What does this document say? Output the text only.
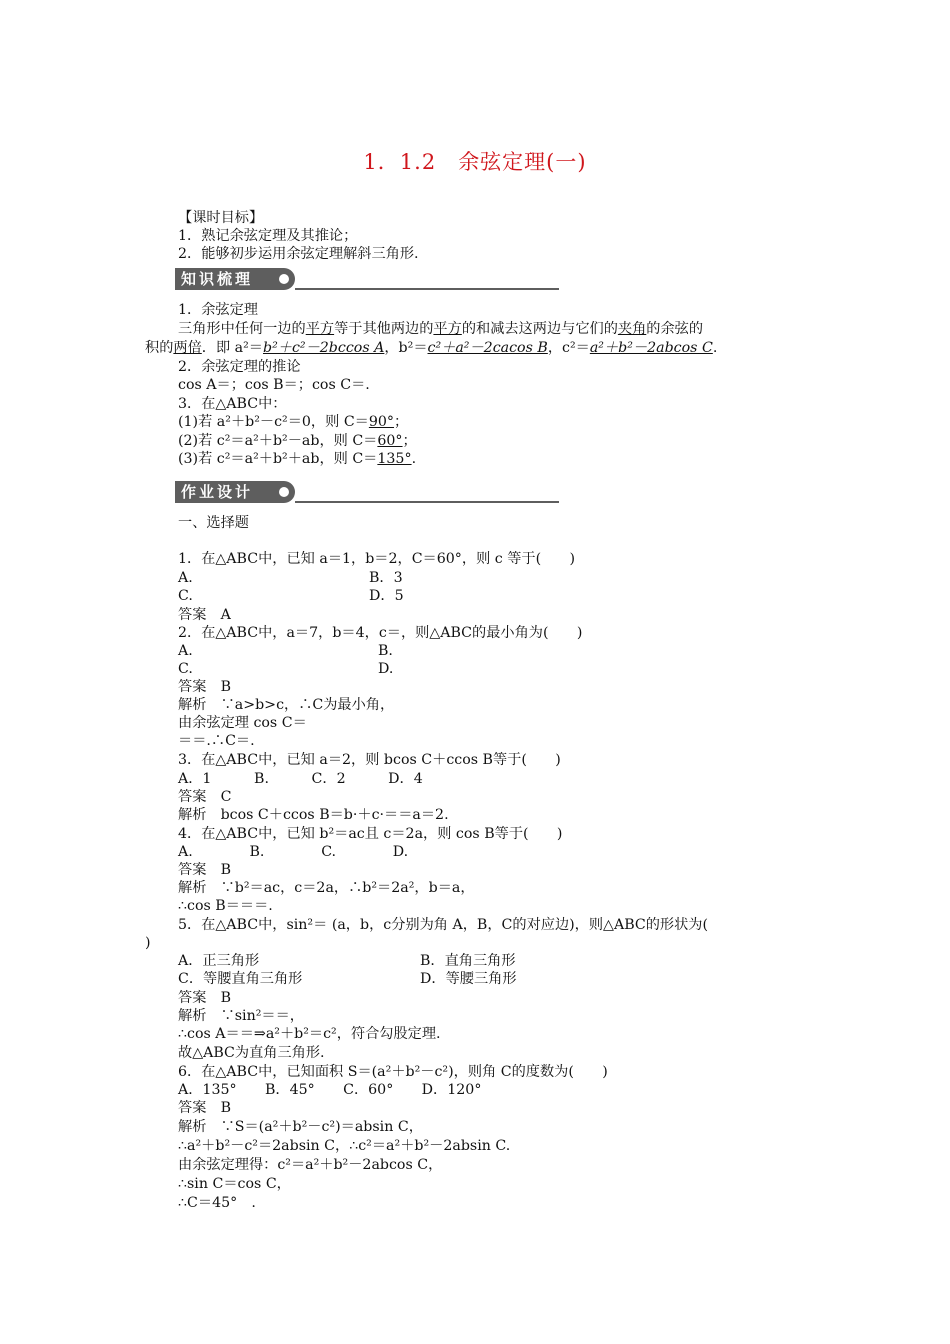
1．1.2 余弦定理(一)
【课时目标】
1．熟记余弦定理及其推论；
2．能够初步运用余弦定理解斜三角形.
知识梳理
1．余弦定理
三角形中任何一边的平方等于其他两边的平方的和减去这两边与它们的夹角的余弦的
积的两倍．即 a²＝b²＋c²－2bccos A，b²＝c²＋a²－2cacos B，c²＝a²＋b²－2abcos C.
2．余弦定理的推论
cos A＝；cos B＝；cos C＝.
3．在△ABC中：
(1)若 a²＋b²－c²＝0，则 C＝90°；
(2)若 c²＝a²＋b²－ab，则 C＝60°；
(3)若 c²＝a²＋b²＋ab，则 C＝135°.
作业设计
一、选择题
1．在△ABC中，已知 a＝1，b＝2，C＝60°，则 c 等于(　　)
A.	B．3
C.	D．5
答案　A
2．在△ABC中，a＝7，b＝4，c＝，则△ABC的最小角为(　　)
A.	B.
C.	D.
答案　B
解析　∵a>b>c，∴C为最小角，
由余弦定理 cos C＝
＝＝.∴C＝.
3．在△ABC中，已知 a＝2，则 bcos C＋ccos B等于(　　)
A．1　　　B.　　　C．2　　　D．4
答案　C
解析　bcos C＋ccos B＝b·＋c·＝＝a＝2.
4．在△ABC中，已知 b²＝ac且 c＝2a，则 cos B等于(　　)
A.　　　　B.　　　　C.　　　　D.
答案　B
解析　∵b²＝ac，c＝2a，∴b²＝2a²，b＝a，
∴cos B＝＝＝.
5．在△ABC中，sin²＝ (a，b，c分别为角 A，B，C的对应边)，则△ABC的形状为(
)
A．正三角形	B．直角三角形
C．等腰直角三角形	D．等腰三角形
答案　B
解析　∵sin²＝＝，
∴cos A＝＝⇒a²＋b²＝c²，符合勾股定理.
故△ABC为直角三角形.
6．在△ABC中，已知面积 S＝(a²＋b²－c²)，则角 C的度数为(　　)
A．135°　　B．45°　　C．60°　　D．120°
答案　B
解析　∵S＝(a²＋b²－c²)＝absin C，
∴a²＋b²－c²＝2absin C，∴c²＝a²＋b²－2absin C.
由余弦定理得：c²＝a²＋b²－2abcos C，
∴sin C＝cos C，
∴C＝45°　.
